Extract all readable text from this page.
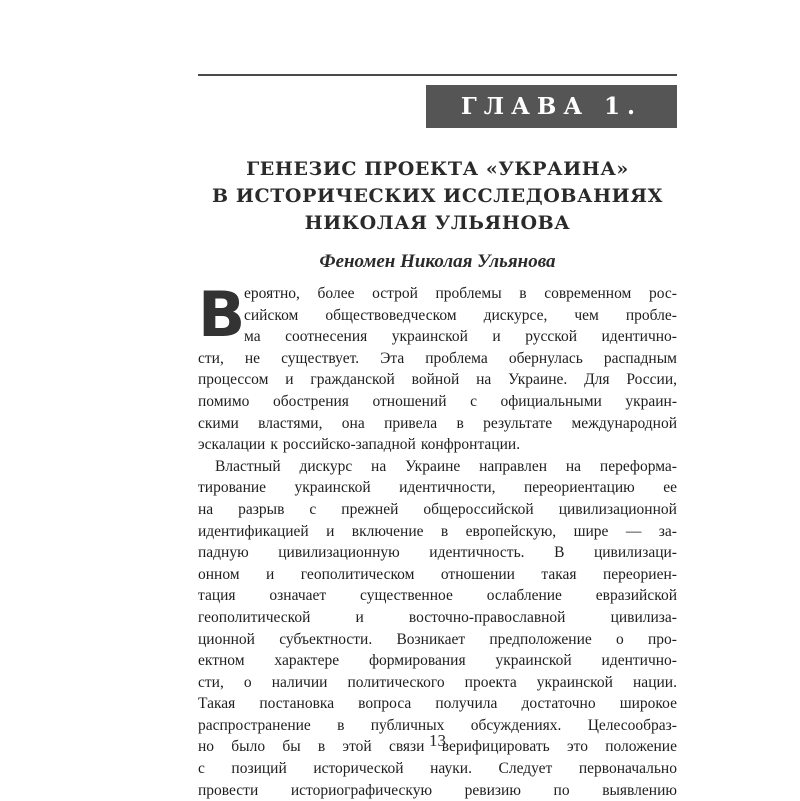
ГЛАВА 1.
ГЕНЕЗИС ПРОЕКТА «УКРАИНА»
В ИСТОРИЧЕСКИХ ИССЛЕДОВАНИЯХ
НИКОЛАЯ УЛЬЯНОВА
Феномен Николая Ульянова
В
ероятно, более острой проблемы в современном рос-
сийском обществоведческом дискурсе, чем пробле-
ма соотнесения украинской и русской идентично-
сти, не существует. Эта проблема обернулась распадным
процессом и гражданской войной на Украине. Для России,
помимо обострения отношений с официальными украин-
скими властями, она привела в результате международной
эскалации к российско-западной конфронтации.
Властный дискурс на Украине направлен на переформа-
тирование украинской идентичности, переориентацию ее
на разрыв с прежней общероссийской цивилизационной
идентификацией и включение в европейскую, шире — за-
падную цивилизационную идентичность. В цивилизаци-
онном и геополитическом отношении такая переориен-
тация означает существенное ослабление евразийской
геополитической	и	восточно-православной	цивилиза-
ционной субъектности. Возникает предположение о про-
ектном характере формирования украинской идентично-
сти, о наличии политического проекта украинской нации.
Такая постановка вопроса получила достаточно широкое
распространение в публичных обсуждениях. Целесообраз-
но было бы в этой связи верифицировать это положение
с позиций исторической науки. Следует первоначально
провести историографическую ревизию по выявлению
13
